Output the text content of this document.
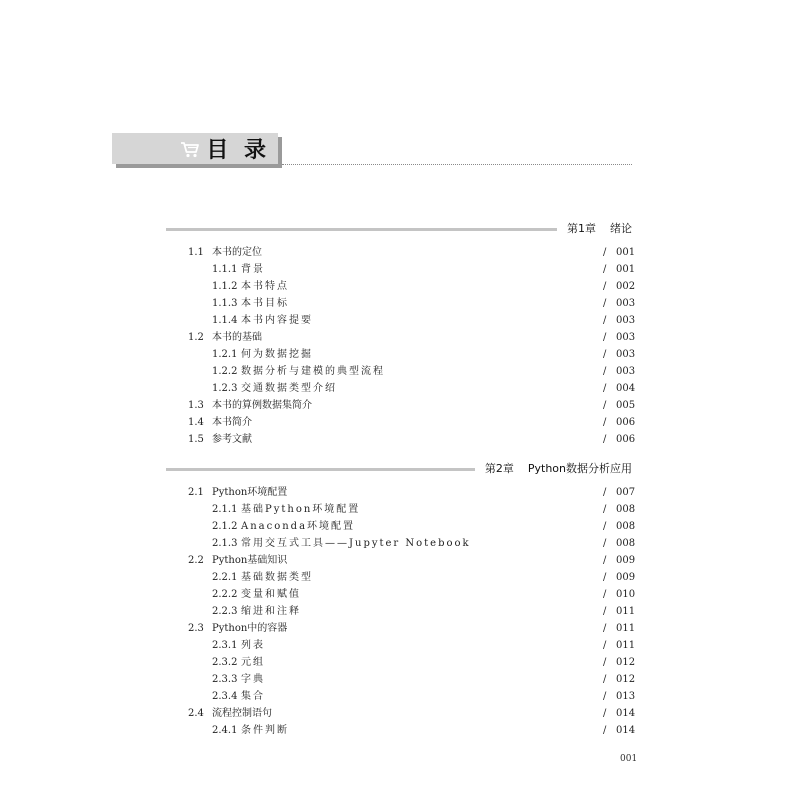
目 录
第1章 绪论
1.1 本书的定位	/ 001
1.1.1 背景	/ 001
1.1.2 本书特点	/ 002
1.1.3 本书目标	/ 003
1.1.4 本书内容提要	/ 003
1.2 本书的基础	/ 003
1.2.1 何为数据挖掘	/ 003
1.2.2 数据分析与建模的典型流程	/ 003
1.2.3 交通数据类型介绍	/ 004
1.3 本书的算例数据集简介	/ 005
1.4 本书简介	/ 006
1.5 参考文献	/ 006
第2章 Python数据分析应用
2.1 Python环境配置	/ 007
2.1.1 基础Python环境配置	/ 008
2.1.2 Anaconda环境配置	/ 008
2.1.3 常用交互式工具——Jupyter Notebook	/ 008
2.2 Python基础知识	/ 009
2.2.1 基础数据类型	/ 009
2.2.2 变量和赋值	/ 010
2.2.3 缩进和注释	/ 011
2.3 Python中的容器	/ 011
2.3.1 列表	/ 011
2.3.2 元组	/ 012
2.3.3 字典	/ 012
2.3.4 集合	/ 013
2.4 流程控制语句	/ 014
2.4.1 条件判断	/ 014
001
